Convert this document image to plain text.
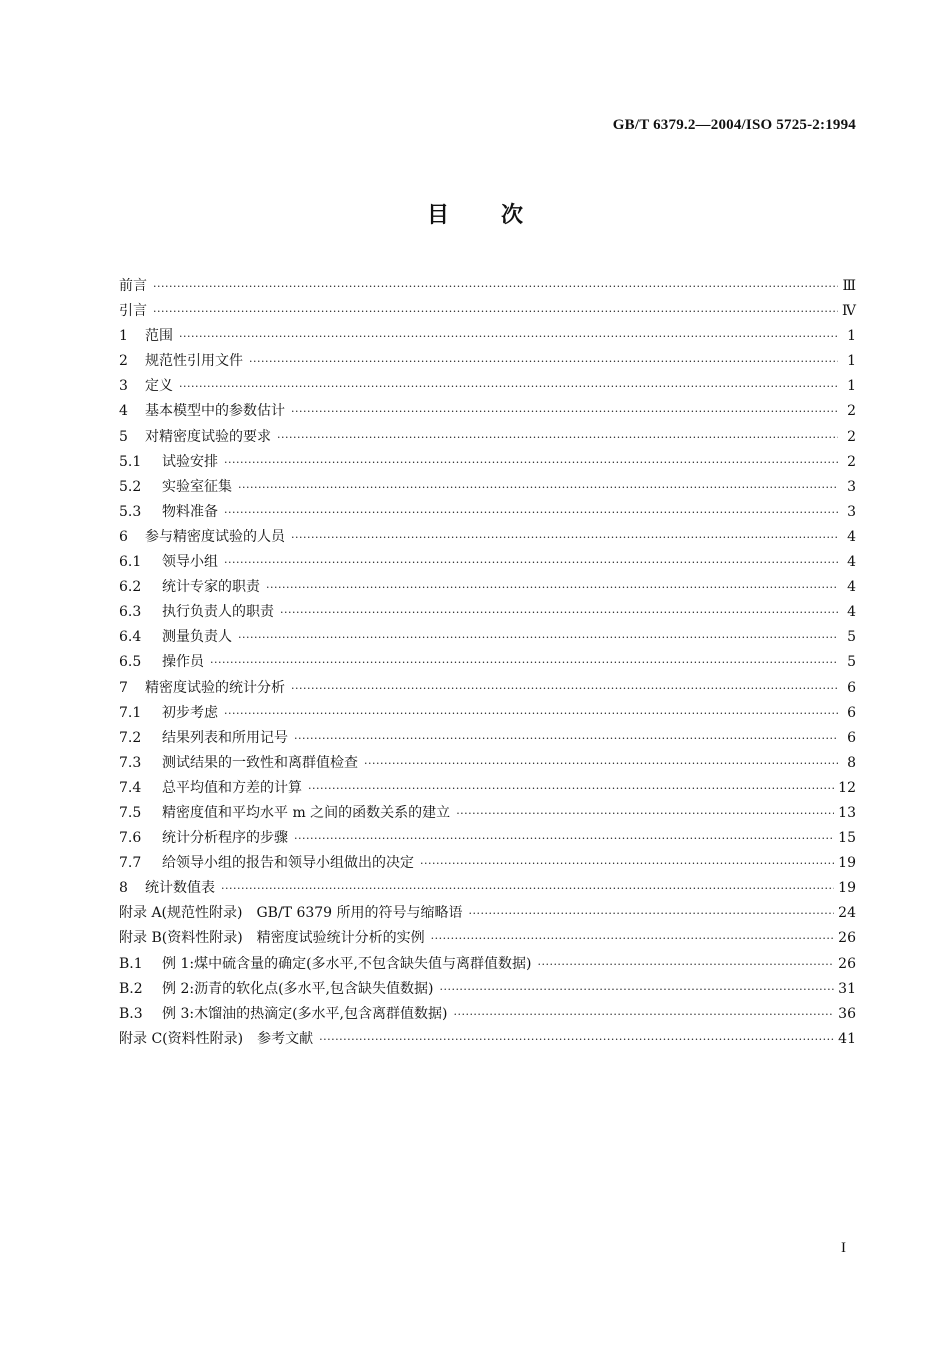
GB/T 6379.2—2004/ISO 5725-2:1994
目次
前言 ·····	Ⅲ
引言 ·····	Ⅳ
1	范围 ·····	1
2	规范性引用文件 ·····	1
3	定义 ·····	1
4	基本模型中的参数估计 ·····	2
5	对精密度试验的要求 ·····	2
5.1	试验安排 ·····	2
5.2	实验室征集 ·····	3
5.3	物料准备 ·····	3
6	参与精密度试验的人员 ·····	4
6.1	领导小组 ·····	4
6.2	统计专家的职责 ·····	4
6.3	执行负责人的职责 ·····	4
6.4	测量负责人 ·····	5
6.5	操作员 ·····	5
7	精密度试验的统计分析 ·····	6
7.1	初步考虑 ·····	6
7.2	结果列表和所用记号 ·····	6
7.3	测试结果的一致性和离群值检查 ·····	8
7.4	总平均值和方差的计算 ·····	12
7.5	精密度值和平均水平 m 之间的函数关系的建立 ·····	13
7.6	统计分析程序的步骤 ·····	15
7.7	给领导小组的报告和领导小组做出的决定 ·····	19
8	统计数值表 ·····	19
附录 A(规范性附录)　GB/T 6379 所用的符号与缩略语 ·····	24
附录 B(资料性附录)　精密度试验统计分析的实例 ·····	26
B.1	例 1:煤中硫含量的确定(多水平,不包含缺失值与离群值数据) ·····	26
B.2	例 2:沥青的软化点(多水平,包含缺失值数据) ·····	31
B.3	例 3:木馏油的热滴定(多水平,包含离群值数据) ·····	36
附录 C(资料性附录)　参考文献 ·····	41
I
